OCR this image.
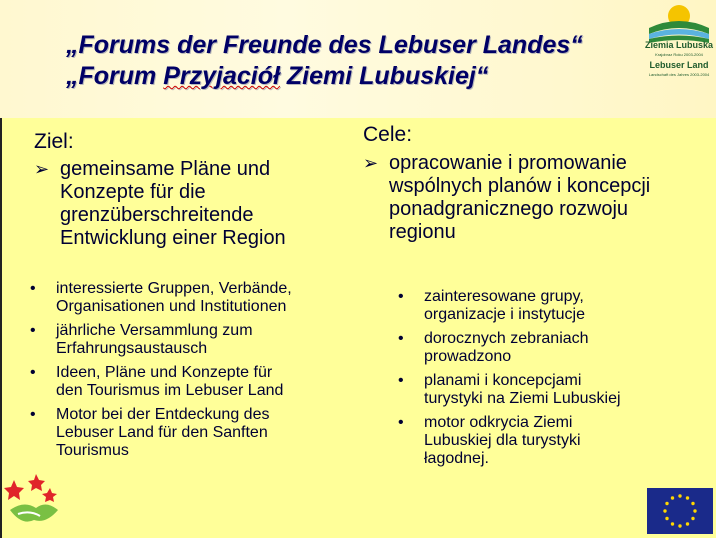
„Forums der Freunde des Lebuser Landes“
„Forum Przyjaciół Ziemi Lubuskiej“
Ziemia Lubuska
Krajobraz Roku 2003-2004
Lebuser Land
Landschaft des Jahres 2003-2004
Ziel:
➢ gemeinsame Pläne und
Konzepte für die
grenzüberschreitende
Entwicklung einer Region
• interessierte Gruppen, Verbände,
Organisationen und Institutionen
• jährliche Versammlung zum
Erfahrungsaustausch
• Ideen, Pläne und Konzepte für
den Tourismus im Lebuser Land
• Motor bei der Entdeckung des
Lebuser Land für den Sanften
Tourismus
Cele:
➢ opracowanie i promowanie
wspólnych planów i koncepcji
ponadgranicznego rozwoju
regionu
• zainteresowane grupy,
organizacje i instytucje
• dorocznych zebraniach
prowadzono
• planami i koncepcjami
turystyki na Ziemi Lubuskiej
• motor odkrycia Ziemi
Lubuskiej dla turystyki
łagodnej.
